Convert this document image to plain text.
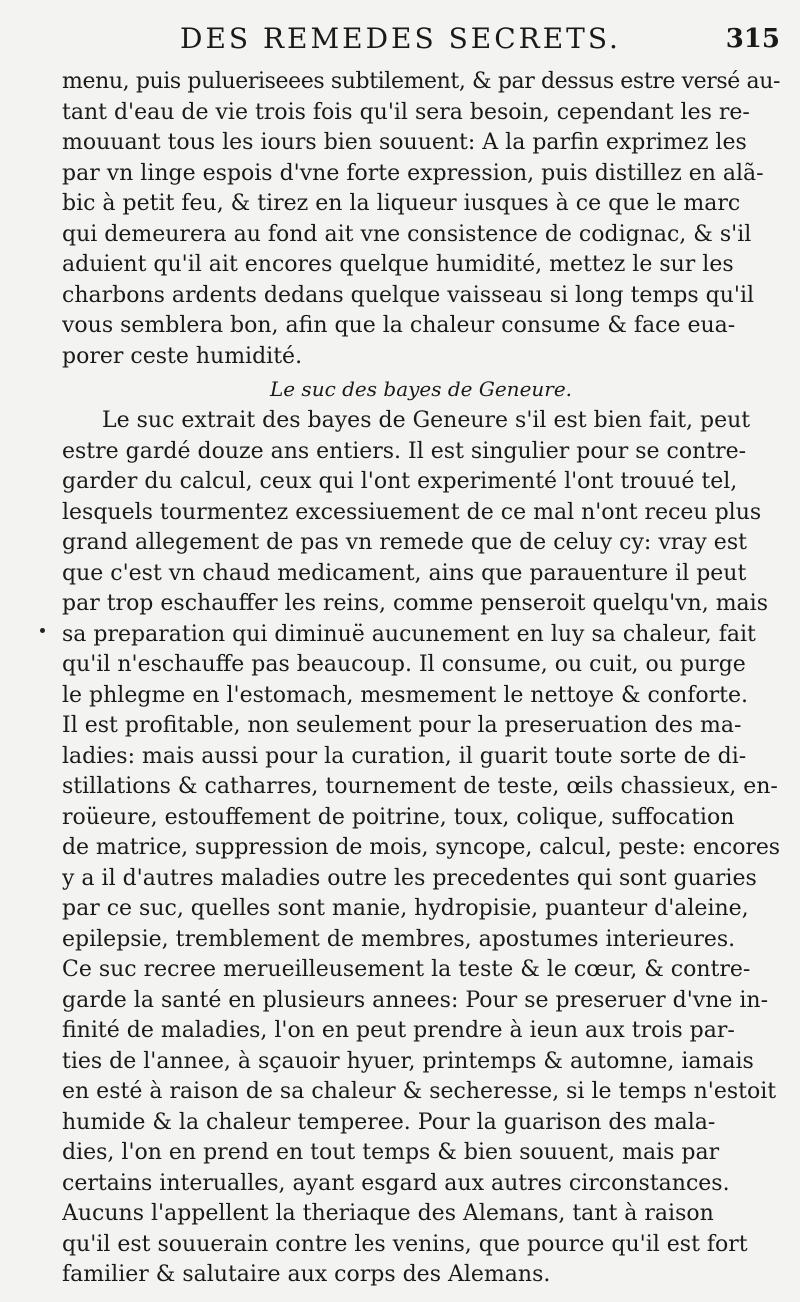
DES REMEDES SECRETS.	315
menu, puis pulueriseees subtilement, & par dessus estre versé au-
tant d'eau de vie trois fois qu'il sera besoin, cependant les re-
mouuant tous les iours bien souuent: A la parfin exprimez les
par vn linge espois d'vne forte expression, puis distillez en alã-
bic à petit feu, & tirez en la liqueur iusques à ce que le marc
qui demeurera au fond ait vne consistence de codignac, & s'il
aduient qu'il ait encores quelque humidité, mettez le sur les
charbons ardents dedans quelque vaisseau si long temps qu'il
vous semblera bon, afin que la chaleur consume & face eua-
porer ceste humidité.
Le suc des bayes de Geneure.
Le suc extrait des bayes de Geneure s'il est bien fait, peut
estre gardé douze ans entiers. Il est singulier pour se contre-
garder du calcul, ceux qui l'ont experimenté l'ont trouué tel,
lesquels tourmentez excessiuement de ce mal n'ont receu plus
grand allegement de pas vn remede que de celuy cy: vray est
que c'est vn chaud medicament, ains que parauenture il peut
par trop eschauffer les reins, comme penseroit quelqu'vn, mais
sa preparation qui diminuë aucunement en luy sa chaleur, fait
qu'il n'eschauffe pas beaucoup. Il consume, ou cuit, ou purge
le phlegme en l'estomach, mesmement le nettoye & conforte.
Il est profitable, non seulement pour la preseruation des ma-
ladies: mais aussi pour la curation, il guarit toute sorte de di-
stillations & catharres, tournement de teste, œils chassieux, en-
roüeure, estouffement de poitrine, toux, colique, suffocation
de matrice, suppression de mois, syncope, calcul, peste: encores
y a il d'autres maladies outre les precedentes qui sont guaries
par ce suc, quelles sont manie, hydropisie, puanteur d'aleine,
epilepsie, tremblement de membres, apostumes interieures.
Ce suc recree merueilleusement la teste & le cœur, & contre-
garde la santé en plusieurs annees: Pour se preseruer d'vne in-
finité de maladies, l'on en peut prendre à ieun aux trois par-
ties de l'annee, à sçauoir hyuer, printemps & automne, iamais
en esté à raison de sa chaleur & secheresse, si le temps n'estoit
humide & la chaleur temperee. Pour la guarison des mala-
dies, l'on en prend en tout temps & bien souuent, mais par
certains interualles, ayant esgard aux autres circonstances.
Aucuns l'appellent la theriaque des Alemans, tant à raison
qu'il est souuerain contre les venins, que pource qu'il est fort
familier & salutaire aux corps des Alemans.
